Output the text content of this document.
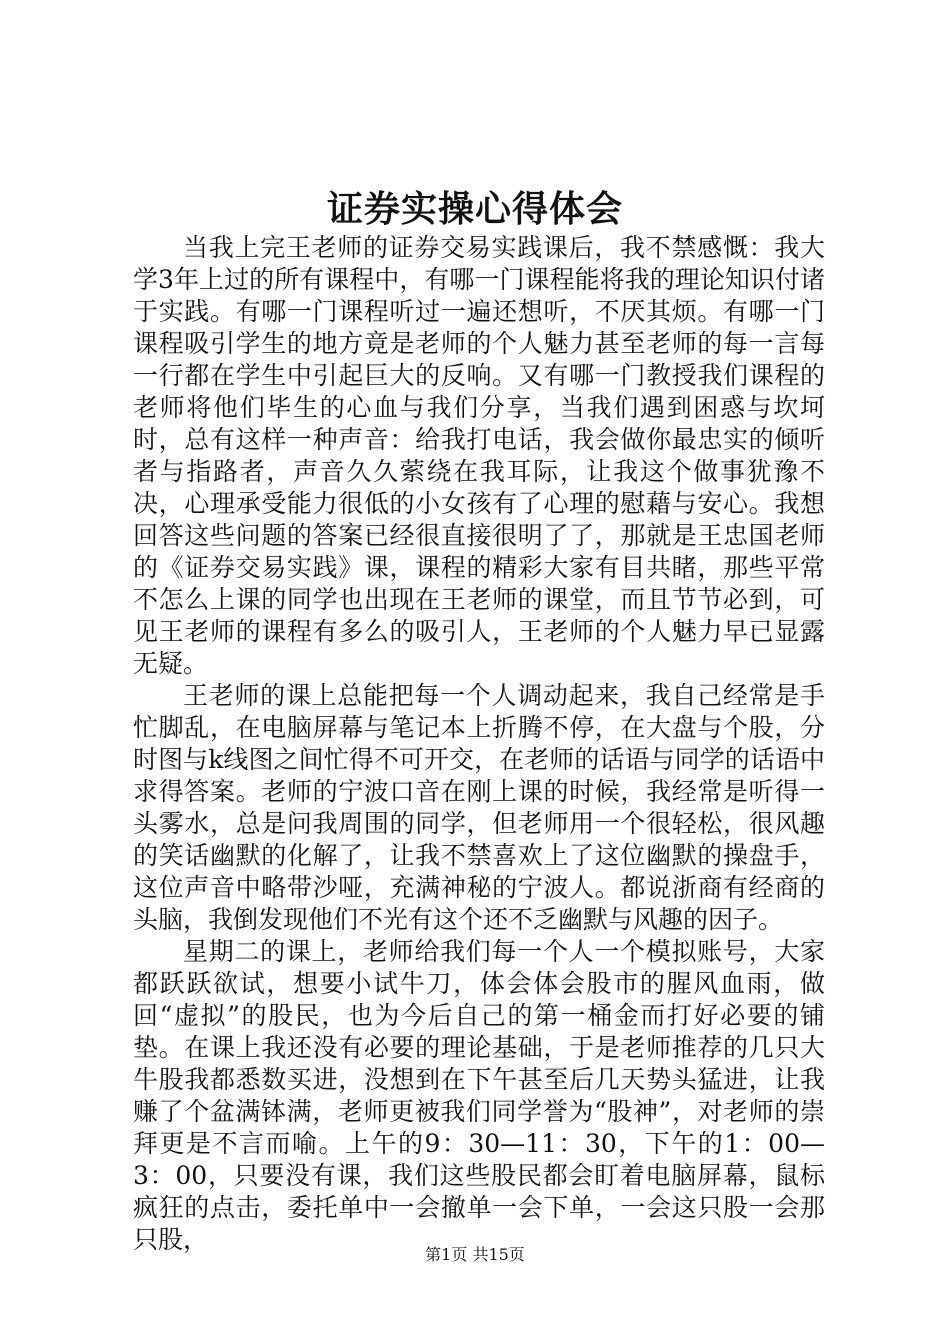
证券实操心得体会

当我上完王老师的证券交易实践课后，我不禁感慨：我大学3年上过的所有课程中，有哪一门课程能将我的理论知识付诸于实践。有哪一门课程听过一遍还想听，不厌其烦。有哪一门课程吸引学生的地方竟是老师的个人魅力甚至老师的每一言每一行都在学生中引起巨大的反响。又有哪一门教授我们课程的老师将他们毕生的心血与我们分享，当我们遇到困惑与坎坷时，总有这样一种声音：给我打电话，我会做你最忠实的倾听者与指路者，声音久久萦绕在我耳际，让我这个做事犹豫不决，心理承受能力很低的小女孩有了心理的慰藉与安心。我想回答这些问题的答案已经很直接很明了了，那就是王忠国老师的《证券交易实践》课，课程的精彩大家有目共睹，那些平常不怎么上课的同学也出现在王老师的课堂，而且节节必到，可见王老师的课程有多么的吸引人，王老师的个人魅力早已显露无疑。

王老师的课上总能把每一个人调动起来，我自己经常是手忙脚乱，在电脑屏幕与笔记本上折腾不停，在大盘与个股，分时图与k线图之间忙得不可开交，在老师的话语与同学的话语中求得答案。老师的宁波口音在刚上课的时候，我经常是听得一头雾水，总是问我周围的同学，但老师用一个很轻松，很风趣的笑话幽默的化解了，让我不禁喜欢上了这位幽默的操盘手，这位声音中略带沙哑，充满神秘的宁波人。都说浙商有经商的头脑，我倒发现他们不光有这个还不乏幽默与风趣的因子。

星期二的课上，老师给我们每一个人一个模拟账号，大家都跃跃欲试，想要小试牛刀，体会体会股市的腥风血雨，做回“虚拟”的股民，也为今后自己的第一桶金而打好必要的铺垫。在课上我还没有必要的理论基础，于是老师推荐的几只大牛股我都悉数买进，没想到在下午甚至后几天势头猛进，让我赚了个盆满钵满，老师更被我们同学誉为“股神”，对老师的崇拜更是不言而喻。上午的9：30—11：30，下午的1：00—3：00，只要没有课，我们这些股民都会盯着电脑屏幕，鼠标疯狂的点击，委托单中一会撤单一会下单，一会这只股一会那只股，

第1页 共15页
